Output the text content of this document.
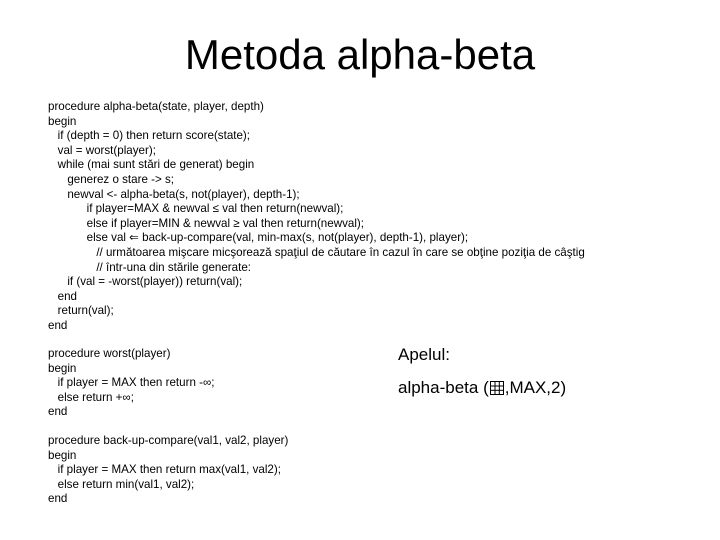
Metoda alpha-beta
procedure alpha-beta(state, player, depth)
begin
if (depth = 0) then return score(state);
val = worst(player);
while (mai sunt stări de generat) begin
generez o stare -> s;
newval <- alpha-beta(s, not(player), depth-1);
if player=MAX & newval ≤ val then return(newval);
else if player=MIN & newval ≥ val then return(newval);
else val ⇐ back-up-compare(val, min-max(s, not(player), depth-1), player);
// următoarea mişcare micşorează spaţiul de căutare în cazul în care se obţine poziţia de câştig
// într-una din stările generate:
if (val = -worst(player)) return(val);
end
return(val);
end
procedure worst(player)
begin
if player = MAX then return -∞;
else return +∞;
end
procedure back-up-compare(val1, val2, player)
begin
if player = MAX then return max(val1, val2);
else return min(val1, val2);
end
Apelul:
alpha-beta ( ,MAX,2)
